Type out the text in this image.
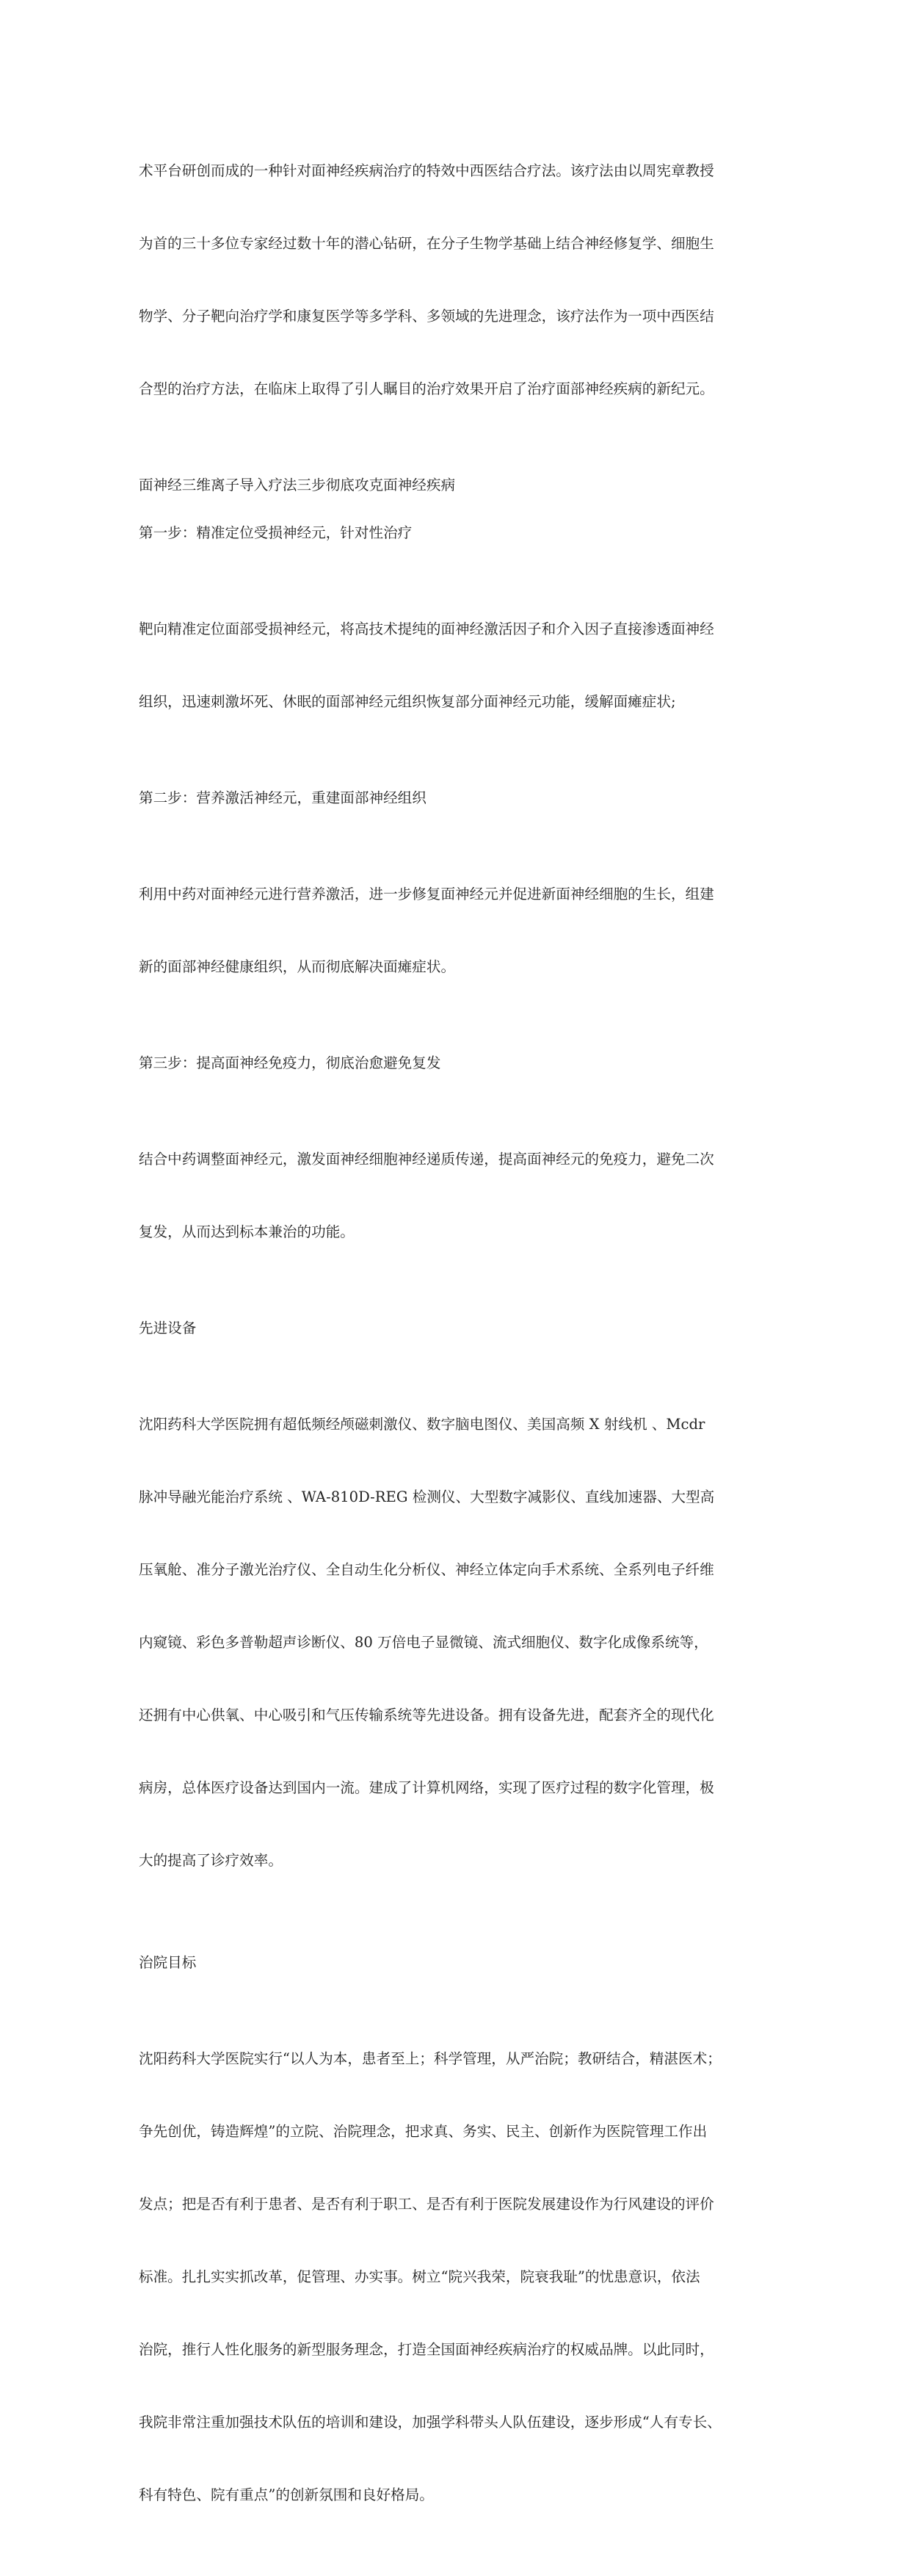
术平台研创而成的一种针对面神经疾病治疗的特效中西医结合疗法。该疗法由以周宪章教授

为首的三十多位专家经过数十年的潜心钻研，在分子生物学基础上结合神经修复学、细胞生

物学、分子靶向治疗学和康复医学等多学科、多领域的先进理念，该疗法作为一项中西医结

合型的治疗方法，在临床上取得了引人瞩目的治疗效果开启了治疗面部神经疾病的新纪元。

面神经三维离子导入疗法三步彻底攻克面神经疾病
第一步：精准定位受损神经元，针对性治疗

靶向精准定位面部受损神经元，将高技术提纯的面神经激活因子和介入因子直接渗透面神经

组织，迅速刺激坏死、休眠的面部神经元组织恢复部分面神经元功能，缓解面瘫症状;

第二步：营养激活神经元，重建面部神经组织

利用中药对面神经元进行营养激活，进一步修复面神经元并促进新面神经细胞的生长，组建

新的面部神经健康组织，从而彻底解决面瘫症状。

第三步：提高面神经免疫力，彻底治愈避免复发

结合中药调整面神经元，激发面神经细胞神经递质传递，提高面神经元的免疫力，避免二次

复发，从而达到标本兼治的功能。

先进设备

沈阳药科大学医院拥有超低频经颅磁刺激仪、数字脑电图仪、美国高频 X 射线机 、Mcdr

脉冲导融光能治疗系统 、WA-810D-REG 检测仪、大型数字减影仪、直线加速器、大型高

压氧舱、准分子激光治疗仪、全自动生化分析仪、神经立体定向手术系统、全系列电子纤维

内窥镜、彩色多普勒超声诊断仪、80 万倍电子显微镜、流式细胞仪、数字化成像系统等，

还拥有中心供氧、中心吸引和气压传输系统等先进设备。拥有设备先进，配套齐全的现代化

病房，总体医疗设备达到国内一流。建成了计算机网络，实现了医疗过程的数字化管理，极

大的提高了诊疗效率。

治院目标

沈阳药科大学医院实行“以人为本，患者至上；科学管理，从严治院；教研结合，精湛医术；

争先创优，铸造辉煌”的立院、治院理念，把求真、务实、民主、创新作为医院管理工作出

发点；把是否有利于患者、是否有利于职工、是否有利于医院发展建设作为行风建设的评价

标准。扎扎实实抓改革，促管理、办实事。树立“院兴我荣，院衰我耻”的忧患意识，依法

治院，推行人性化服务的新型服务理念，打造全国面神经疾病治疗的权威品牌。以此同时，

我院非常注重加强技术队伍的培训和建设，加强学科带头人队伍建设，逐步形成“人有专长、

科有特色、院有重点”的创新氛围和良好格局。
